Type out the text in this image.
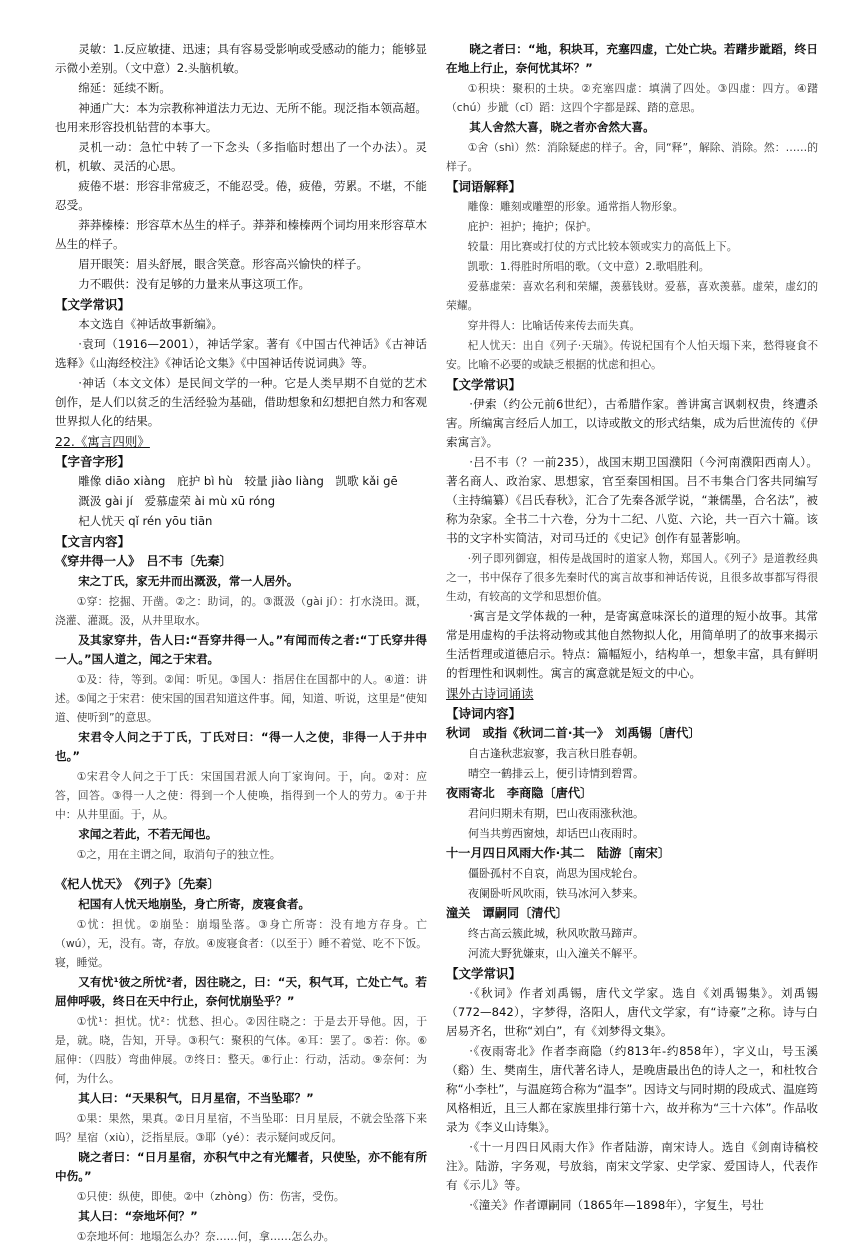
灵敏：1.反应敏捷、迅速；具有容易受影响或受感动的能力；能够显示微小差别。（文中意）2.头脑机敏。

绵延：延续不断。

神通广大：本为宗教称神道法力无边、无所不能。现泛指本领高超。也用来形容投机钻营的本事大。

灵机一动：急忙中转了一下念头（多指临时想出了一个办法）。灵机，机敏、灵活的心思。

疲倦不堪：形容非常疲乏，不能忍受。倦，疲倦，劳累。不堪，不能忍受。

莽莽榛榛：形容草木丛生的样子。莽莽和榛榛两个词均用来形容草木丛生的样子。

眉开眼笑：眉头舒展，眼含笑意。形容高兴愉快的样子。

力不暇供：没有足够的力量来从事这项工作。

【文学常识】

本文选自《神话故事新编》。

·袁珂（1916—2001），神话学家。著有《中国古代神话》《古神话选释》《山海经校注》《神话论文集》《中国神话传说词典》等。

·神话（本文文体）是民间文学的一种。它是人类早期不自觉的艺术创作，是人们以贫乏的生活经验为基础，借助想象和幻想把自然力和客观世界拟人化的结果。

22.《寓言四则》

【字音字形】

雕像 diāo xiàng　庇护 bì hù　较量 jiào liàng　凯歌 kǎi gē

溉汲 gài jí　爱慕虚荣 ài mù xū róng

杞人忧天 qǐ rén yōu tiān

【文言内容】

《穿井得一人》　吕不韦〔先秦〕

宋之丁氏，家无井而出溉汲，常一人居外。

①穿：挖掘、开凿。②之：助词，的。③溉汲（gài jí）：打水浇田。溉，浇灌、灌溉。汲，从井里取水。

及其家穿井，告人曰:“吾穿井得一人。”有闻而传之者:“丁氏穿井得一人。”国人道之，闻之于宋君。

①及：待，等到。②闻：听见。③国人：指居住在国都中的人。④道：讲述。⑤闻之于宋君：使宋国的国君知道这件事。闻，知道、听说，这里是“使知道、使听到”的意思。

宋君令人问之于丁氏，丁氏对曰：“得一人之使，非得一人于井中也。”

①宋君令人问之于丁氏：宋国国君派人向丁家询问。于，向。②对：应答，回答。③得一人之使：得到一个人使唤，指得到一个人的劳力。④于井中：从井里面。于，从。

求闻之若此，不若无闻也。

①之，用在主谓之间，取消句子的独立性。

《杞人忧天》　《列子》〔先秦〕

杞国有人忧天地崩坠，身亡所寄，废寝食者。

①忧：担忧。②崩坠：崩塌坠落。③身亡所寄：没有地方存身。亡（wú），无，没有。寄，存放。④废寝食者：（以至于）睡不着觉、吃不下饭。寝，睡觉。

又有忧¹彼之所忧²者，因往晓之，曰：“天，积气耳，亡处亡气。若屈伸呼吸，终日在天中行止，奈何忧崩坠乎？”

①忧¹：担忧。忧²：忧愁、担心。②因往晓之：于是去开导他。因，于是，就。晓，告知，开导。③积气：聚积的气体。④耳：罢了。⑤若：你。⑥屈伸：（四肢）弯曲伸展。⑦终日：整天。⑧行止：行动，活动。⑨奈何：为何，为什么。

其人曰：“天果积气，日月星宿，不当坠耶？”

①果：果然，果真。②日月星宿，不当坠耶：日月星辰，不就会坠落下来吗？星宿（xiù），泛指星辰。③耶（yé）：表示疑问或反问。

晓之者曰：“日月星宿，亦积气中之有光耀者，只使坠，亦不能有所中伤。”

①只使：纵使，即使。②中（zhòng）伤：伤害，受伤。

其人曰：“奈地坏何？”

①奈地坏何：地塌怎么办？奈……何，拿……怎么办。

晓之者曰：“地，积块耳，充塞四虚，亡处亡块。若躇步跐蹈，终日在地上行止，奈何忧其坏？”

①积块：聚积的土块。②充塞四虚：填满了四处。③四虚：四方。④躇（chú）步跐（cǐ）蹈：这四个字都是踩、踏的意思。

其人舍然大喜，晓之者亦舍然大喜。

①舍（shì）然：消除疑虑的样子。舍，同“释”，解除、消除。然：……的样子。

【词语解释】

雕像：雕刻或雕塑的形象。通常指人物形象。

庇护：袒护；掩护；保护。

较量：用比赛或打仗的方式比较本领或实力的高低上下。

凯歌：1.得胜时所唱的歌。（文中意）2.歌唱胜利。

爱慕虚荣：喜欢名利和荣耀，羡慕钱财。爱慕，喜欢羡慕。虚荣，虚幻的荣耀。

穿井得人：比喻话传来传去而失真。

杞人忧天：出自《列子·天瑞》。传说杞国有个人怕天塌下来，愁得寝食不安。比喻不必要的或缺乏根据的忧虑和担心。

【文学常识】

·伊索（约公元前6世纪），古希腊作家。善讲寓言讽刺权贵，终遭杀害。所编寓言经后人加工，以诗或散文的形式结集，成为后世流传的《伊索寓言》。

·吕不韦（？一前235），战国末期卫国濮阳（今河南濮阳西南人）。著名商人、政治家、思想家，官至秦国相国。吕不韦集合门客共同编写（主持编纂）《吕氏春秋》，汇合了先秦各派学说，“兼儒墨，合名法”，被称为杂家。全书二十六卷，分为十二纪、八览、六论，共一百六十篇。该书的文字朴实简洁，对司马迁的《史记》创作有显著影响。

·列子即列御寇，相传是战国时的道家人物，郑国人。《列子》是道教经典之一，书中保存了很多先秦时代的寓言故事和神话传说，且很多故事都写得很生动，有较高的文学和思想价值。

·寓言是文学体裁的一种，是寄寓意味深长的道理的短小故事。其常常是用虚构的手法将动物或其他自然物拟人化，用简单明了的故事来揭示生活哲理或道德启示。特点：篇幅短小，结构单一，想象丰富，具有鲜明的哲理性和讽刺性。寓言的寓意就是短文的中心。

课外古诗词诵读

【诗词内容】

秋词　或指《秋词二首·其一》　刘禹锡〔唐代〕

自古逢秋悲寂寥，我言秋日胜春朝。

晴空一鹤排云上，便引诗情到碧霄。

夜雨寄北　李商隐〔唐代〕

君问归期未有期，巴山夜雨涨秋池。

何当共剪西窗烛，却话巴山夜雨时。

十一月四日风雨大作·其二　陆游〔南宋〕

僵卧孤村不自哀，尚思为国戍轮台。

夜阑卧听风吹雨，铁马冰河入梦来。

潼关　谭嗣同〔清代〕

终古高云簇此城，秋风吹散马蹄声。

河流大野犹嫌束，山入潼关不解平。

【文学常识】

·《秋词》作者刘禹锡，唐代文学家。选自《刘禹锡集》。刘禹锡（772—842），字梦得，洛阳人，唐代文学家，有“诗豪”之称。诗与白居易齐名，世称“刘白”，有《刘梦得文集》。

·《夜雨寄北》作者李商隐（约813年-约858年），字义山，号玉溪（谿）生、樊南生，唐代著名诗人，是晚唐最出色的诗人之一，和杜牧合称“小李杜”，与温庭筠合称为“温李”。因诗文与同时期的段成式、温庭筠风格相近，且三人都在家族里排行第十六，故并称为“三十六体”。作品收录为《李义山诗集》。

·《十一月四日风雨大作》作者陆游，南宋诗人。选自《剑南诗稿校注》。陆游，字务观，号放翁，南宋文学家、史学家、爱国诗人，代表作有《示儿》等。

·《潼关》作者谭嗣同（1865年—1898年），字复生，号壮
